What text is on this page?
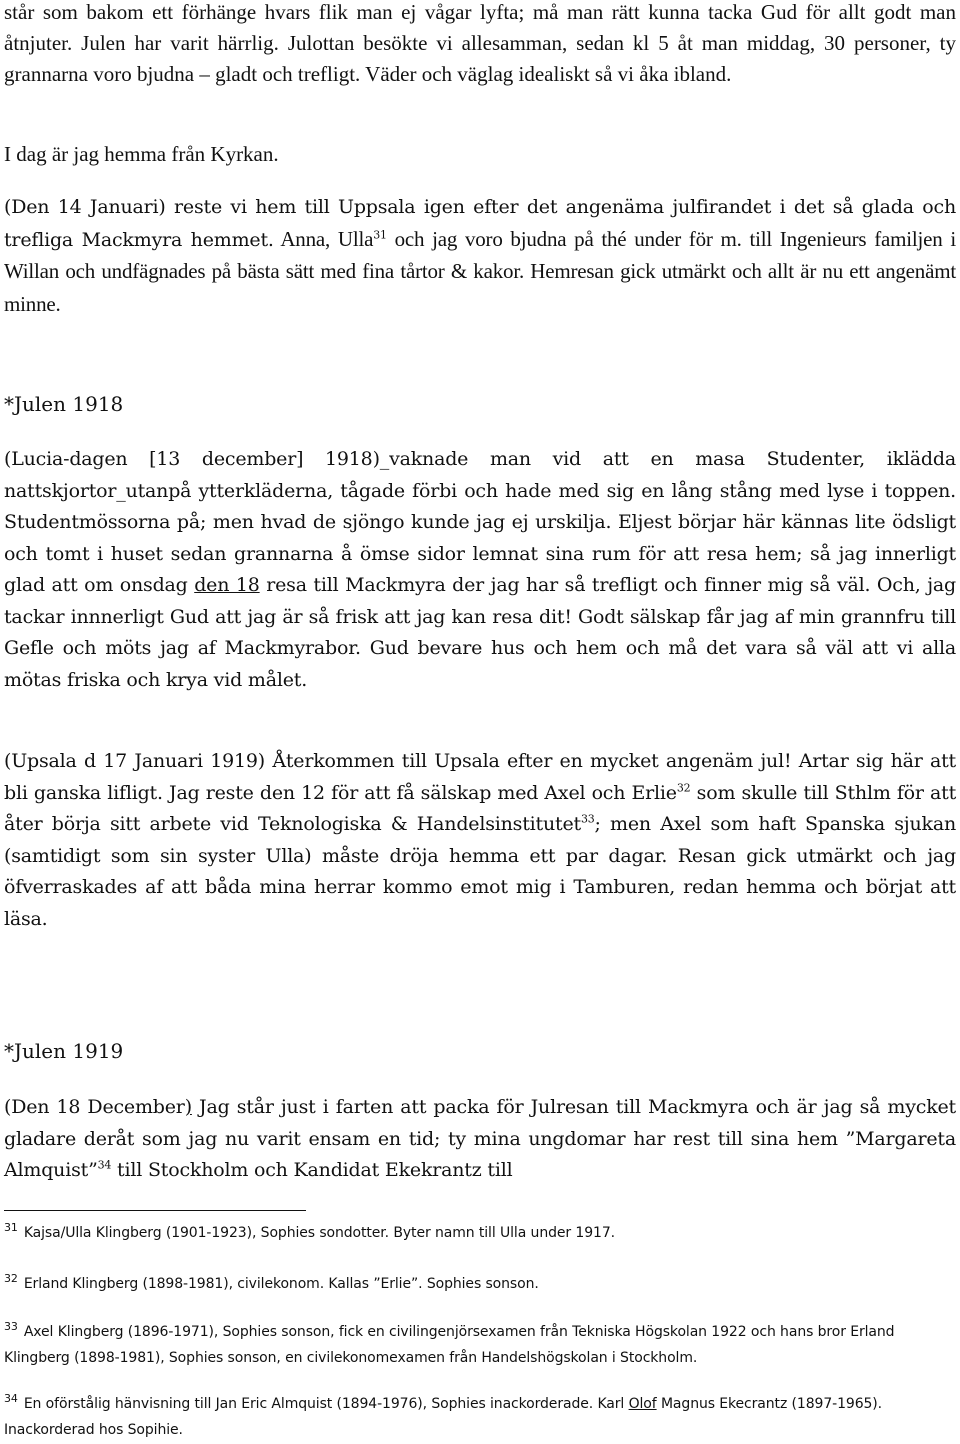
står som bakom ett förhänge hvars flik man ej vågar lyfta; må man rätt kunna tacka Gud för allt godt man åtnjuter. Julen har varit härrlig. Julottan besökte vi allesamman, sedan kl 5 åt man middag, 30 personer, ty grannarna voro bjudna – gladt och trefligt. Väder och väglag idealiskt så vi åka ibland.

I dag är jag hemma från Kyrkan.

(Den 14 Januari) reste vi hem till Uppsala igen efter det angenäma julfirandet i det så glada och trefliga Mackmyra hemmet. Anna, Ulla$^{31}$ och jag voro bjudna på thé under för m. till Ingenieurs familjen i Willan och undfägnades på bästa sätt med fina tårtor & kakor. Hemresan gick utmärkt och allt är nu ett angenämt minne.

*Julen 1918

(Lucia-dagen [13 december] 1918)_vaknade man vid att en masa Studenter, iklädda nattskjortor_utanpå ytterkläderna, tågade förbi och hade med sig en lång stång med lyse i toppen. Studentmössorna på; men hvad de sjöngo kunde jag ej urskilja. Eljest börjar här kännas lite ödsligt och tomt i huset sedan grannarna å ömse sidor lemnat sina rum för att resa hem; så jag innerligt glad att om onsdag den 18 resa till Mackmyra der jag har så trefligt och finner mig så väl. Och, jag tackar innnerligt Gud att jag är så frisk att jag kan resa dit! Godt sälskap får jag af min grannfru till Gefle och möts jag af Mackmyrabor. Gud bevare hus och hem och må det vara så väl att vi alla mötas friska och krya vid målet.

(Upsala d 17 Januari 1919) Återkommen till Upsala efter en mycket angenäm jul! Artar sig här att bli ganska lifligt. Jag reste den 12 för att få sälskap med Axel och Erlie$^{32}$ som skulle till Sthlm för att åter börja sitt arbete vid Teknologiska & Handelsinstitutet$^{33}$; men Axel som haft Spanska sjukan (samtidigt som sin syster Ulla) måste dröja hemma ett par dagar. Resan gick utmärkt och jag öfverraskades af att båda mina herrar kommo emot mig i Tamburen, redan hemma och börjat att läsa.

*Julen 1919

(Den 18 December) Jag står just i farten att packa för Julresan till Mackmyra och är jag så mycket gladare deråt som jag nu varit ensam en tid; ty mina ungdomar har rest till sina hem ”Margareta Almquist”$^{34}$ till Stockholm och Kandidat Ekekrantz till

$^{31}$ Kajsa/Ulla Klingberg (1901-1923), Sophies sondotter. Byter namn till Ulla under 1917.

$^{32}$ Erland Klingberg (1898-1981), civilekonom. Kallas ”Erlie”. Sophies sonson.

$^{33}$ Axel Klingberg (1896-1971), Sophies sonson, fick en civilingenjörsexamen från Tekniska Högskolan 1922 och hans bror Erland Klingberg (1898-1981), Sophies sonson, en civilekonomexamen från Handelshögskolan i Stockholm.

$^{34}$ En oförstålig hänvisning till Jan Eric Almquist (1894-1976), Sophies inackorderade. Karl Olof Magnus Ekecrantz (1897-1965). Inackorderad hos Sopihie.
